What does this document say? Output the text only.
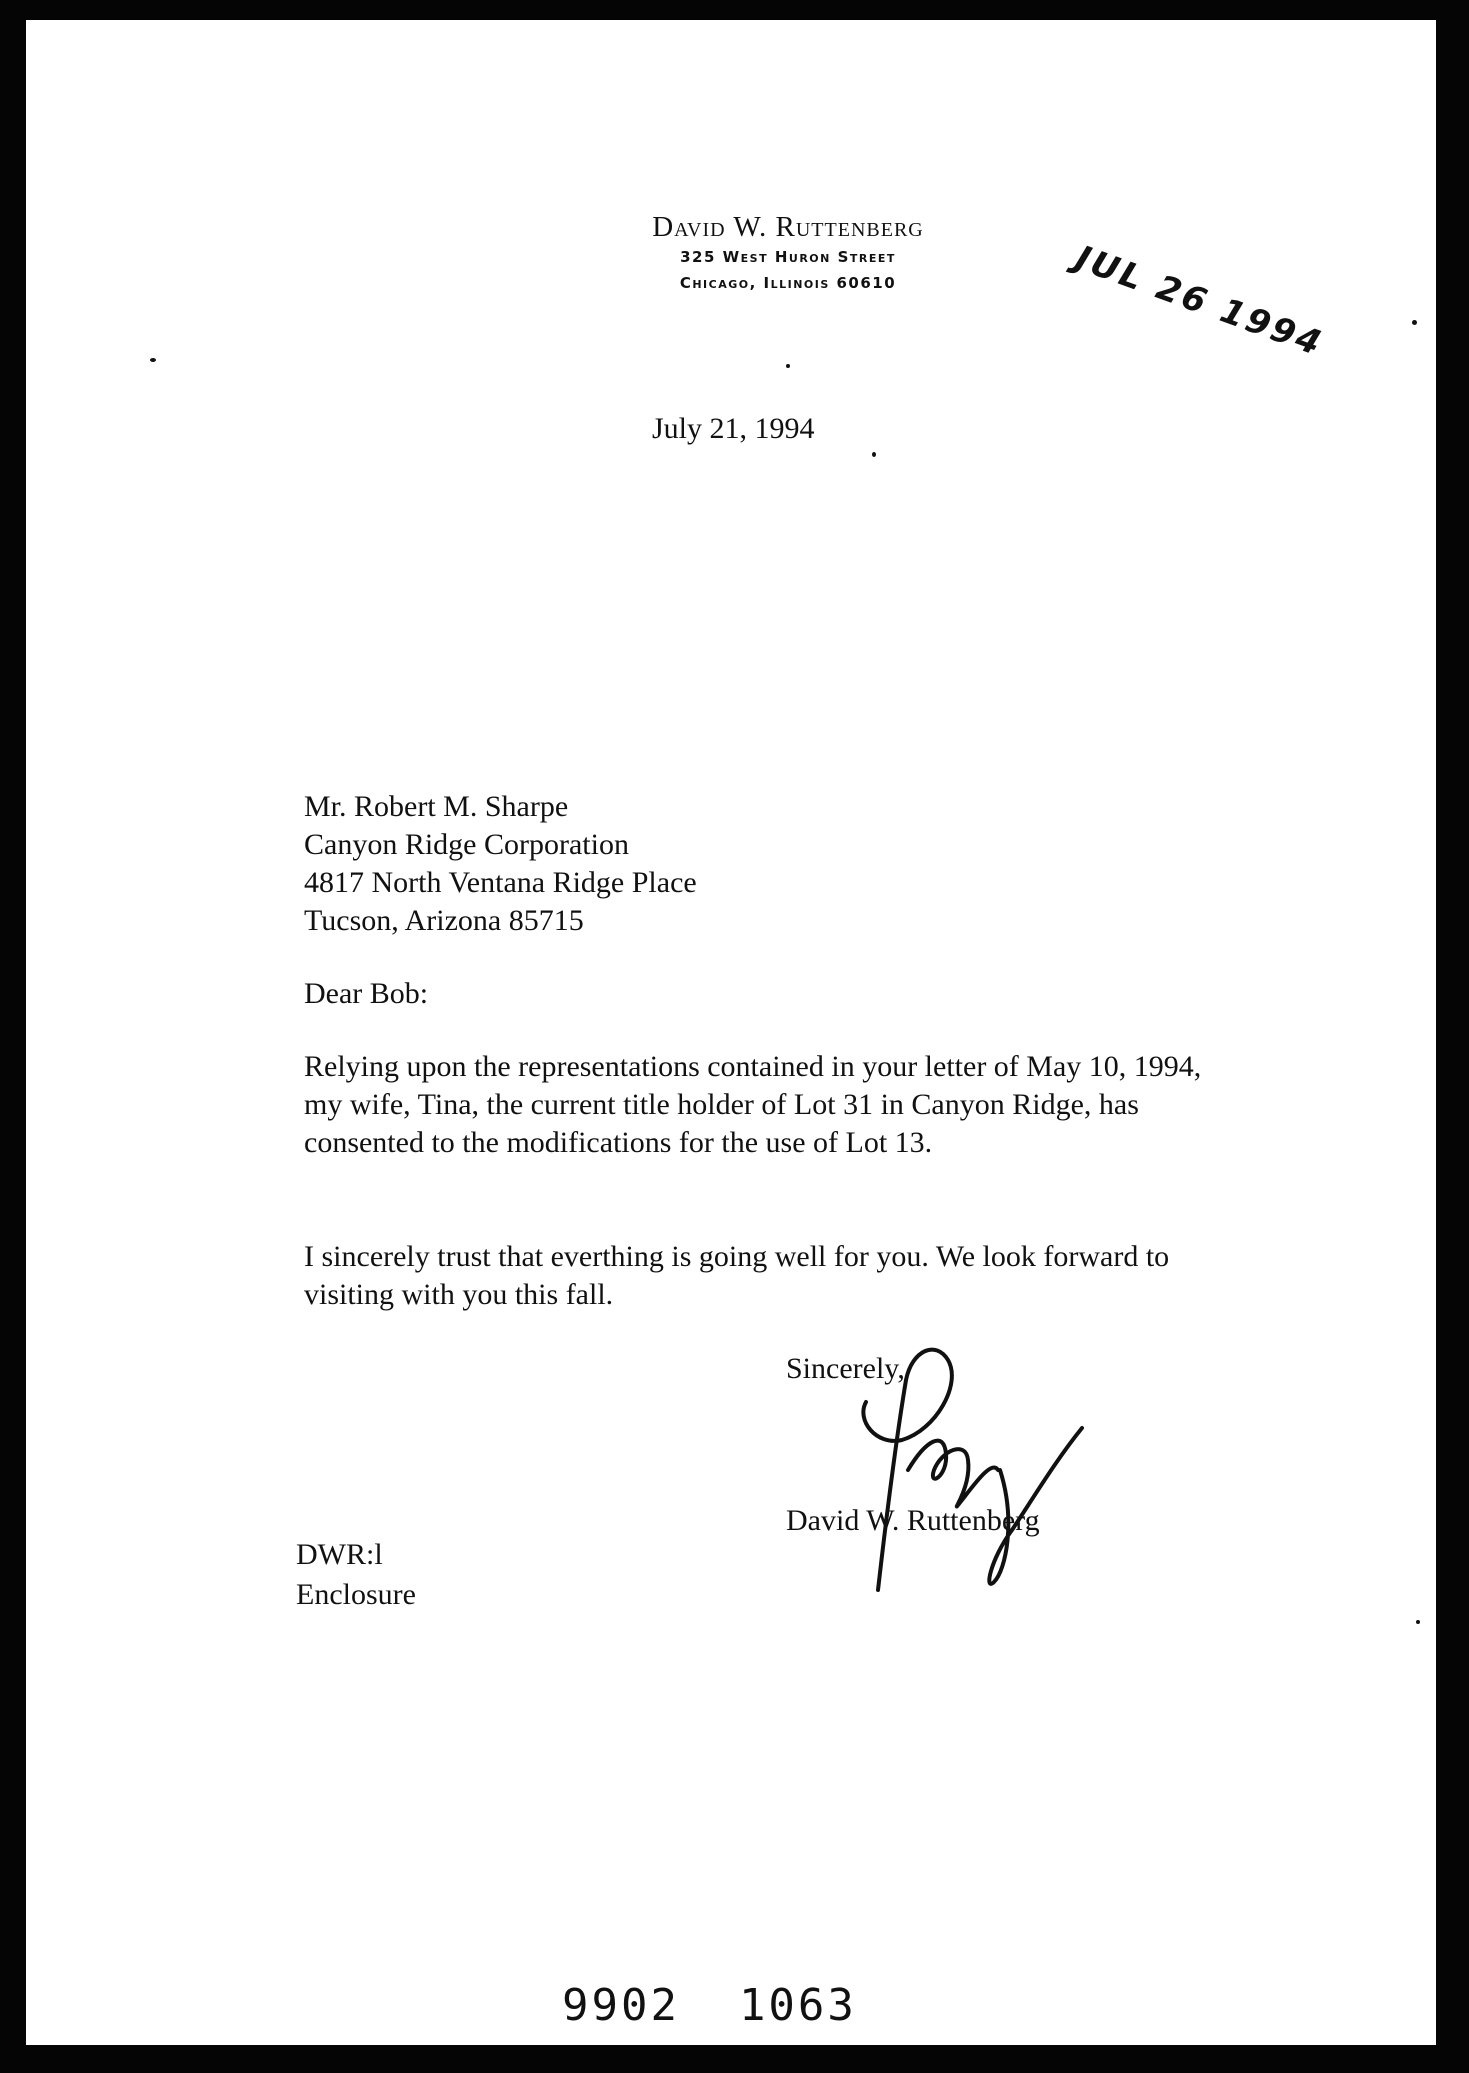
David W. Ruttenberg
325 West Huron Street
Chicago, Illinois 60610	JUL 26 1994
July 21, 1994
Mr. Robert M. Sharpe
Canyon Ridge Corporation
4817 North Ventana Ridge Place
Tucson, Arizona 85715
Dear Bob:
Relying upon the representations contained in your letter of May 10, 1994, my wife, Tina, the current title holder of Lot 31 in Canyon Ridge, has consented to the modifications for the use of Lot 13.
I sincerely trust that everthing is going well for you. We look forward to visiting with you this fall.
Sincerely,
David W. Ruttenberg
DWR:l
Enclosure
9902  1063
